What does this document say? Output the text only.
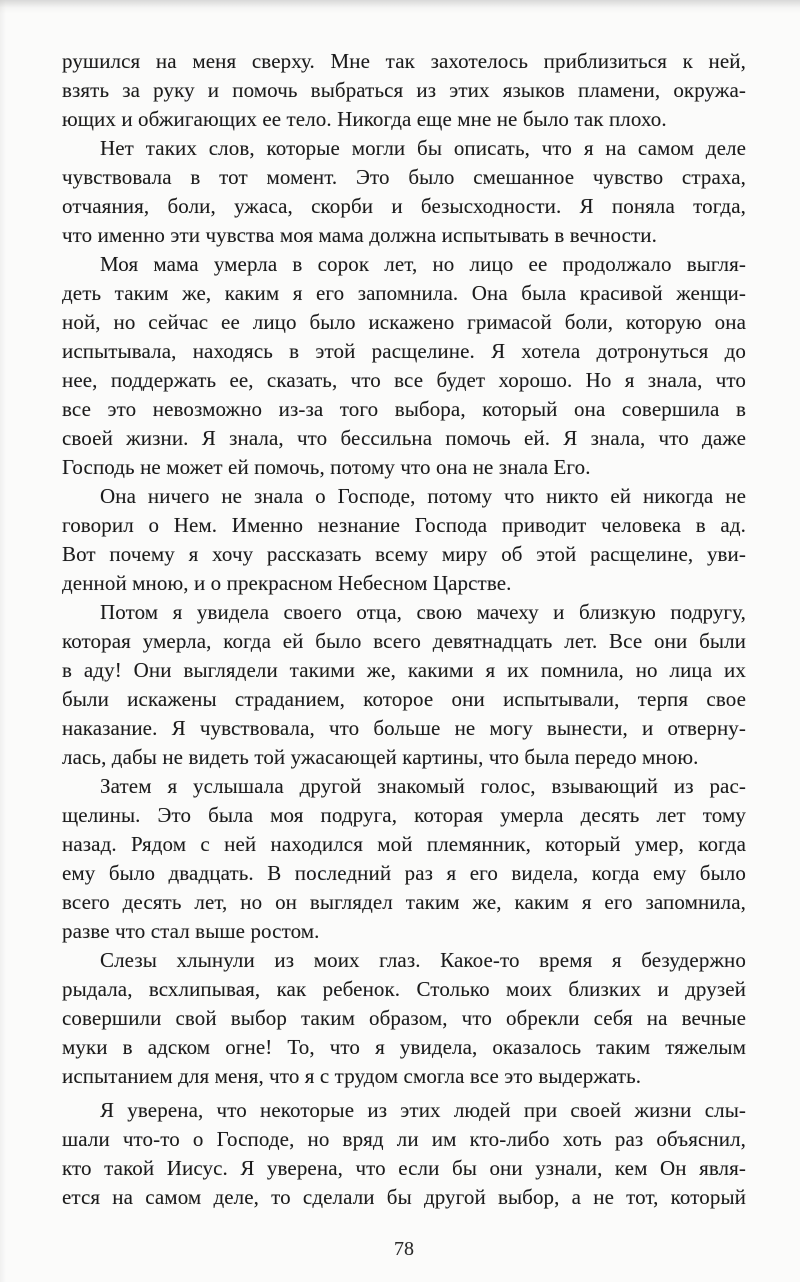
рушился на меня сверху. Мне так захотелось приблизиться к ней,
взять за руку и помочь выбраться из этих языков пламени, окружа-
ющих и обжигающих ее тело. Никогда еще мне не было так плохо.
Нет таких слов, которые могли бы описать, что я на самом деле
чувствовала в тот момент. Это было смешанное чувство страха,
отчаяния, боли, ужаса, скорби и безысходности. Я поняла тогда,
что именно эти чувства моя мама должна испытывать в вечности.
Моя мама умерла в сорок лет, но лицо ее продолжало выгля-
деть таким же, каким я его запомнила. Она была красивой женщи-
ной, но сейчас ее лицо было искажено гримасой боли, которую она
испытывала, находясь в этой расщелине. Я хотела дотронуться до
нее, поддержать ее, сказать, что все будет хорошо. Но я знала, что
все это невозможно из-за того выбора, который она совершила в
своей жизни. Я знала, что бессильна помочь ей. Я знала, что даже
Господь не может ей помочь, потому что она не знала Его.
Она ничего не знала о Господе, потому что никто ей никогда не
говорил о Нем. Именно незнание Господа приводит человека в ад.
Вот почему я хочу рассказать всему миру об этой расщелине, уви-
денной мною, и о прекрасном Небесном Царстве.
Потом я увидела своего отца, свою мачеху и близкую подругу,
которая умерла, когда ей было всего девятнадцать лет. Все они были
в аду! Они выглядели такими же, какими я их помнила, но лица их
были искажены страданием, которое они испытывали, терпя свое
наказание. Я чувствовала, что больше не могу вынести, и отверну-
лась, дабы не видеть той ужасающей картины, что была передо мною.
Затем я услышала другой знакомый голос, взывающий из рас-
щелины. Это была моя подруга, которая умерла десять лет тому
назад. Рядом с ней находился мой племянник, который умер, когда
ему было двадцать. В последний раз я его видела, когда ему было
всего десять лет, но он выглядел таким же, каким я его запомнила,
разве что стал выше ростом.
Слезы хлынули из моих глаз. Какое-то время я безудержно
рыдала, всхлипывая, как ребенок. Столько моих близких и друзей
совершили свой выбор таким образом, что обрекли себя на вечные
муки в адском огне! То, что я увидела, оказалось таким тяжелым
испытанием для меня, что я с трудом смогла все это выдержать.
Я уверена, что некоторые из этих людей при своей жизни слы-
шали что-то о Господе, но вряд ли им кто-либо хоть раз объяснил,
кто такой Иисус. Я уверена, что если бы они узнали, кем Он явля-
ется на самом деле, то сделали бы другой выбор, а не тот, который
78
